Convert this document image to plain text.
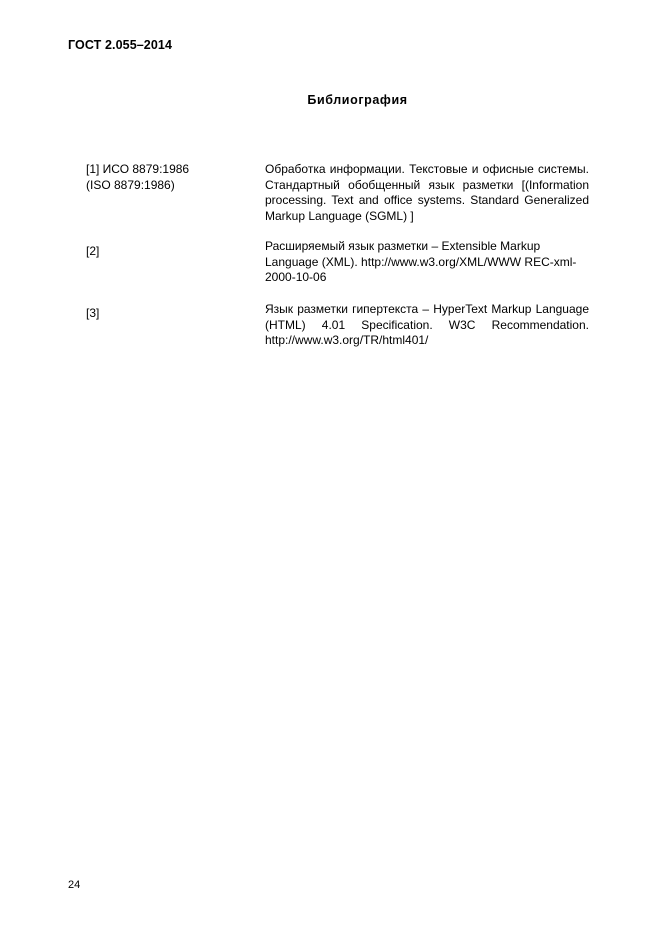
ГОСТ 2.055–2014
Библиография
[1] ИСО 8879:1986
(ISO 8879:1986)
Обработка информации. Текстовые и офисные системы. Стандартный обобщенный язык разметки [(Information processing. Text and office systems. Standard Generalized Markup Language (SGML) ]
[2]	Расширяемый язык разметки – Extensible Markup Language (XML). http://www.w3.org/XML/WWW REC-xml-2000-10-06
[3]	Язык разметки гипертекста – HyperText Markup Language (HTML) 4.01 Specification. W3C Recommendation. http://www.w3.org/TR/html401/
24
